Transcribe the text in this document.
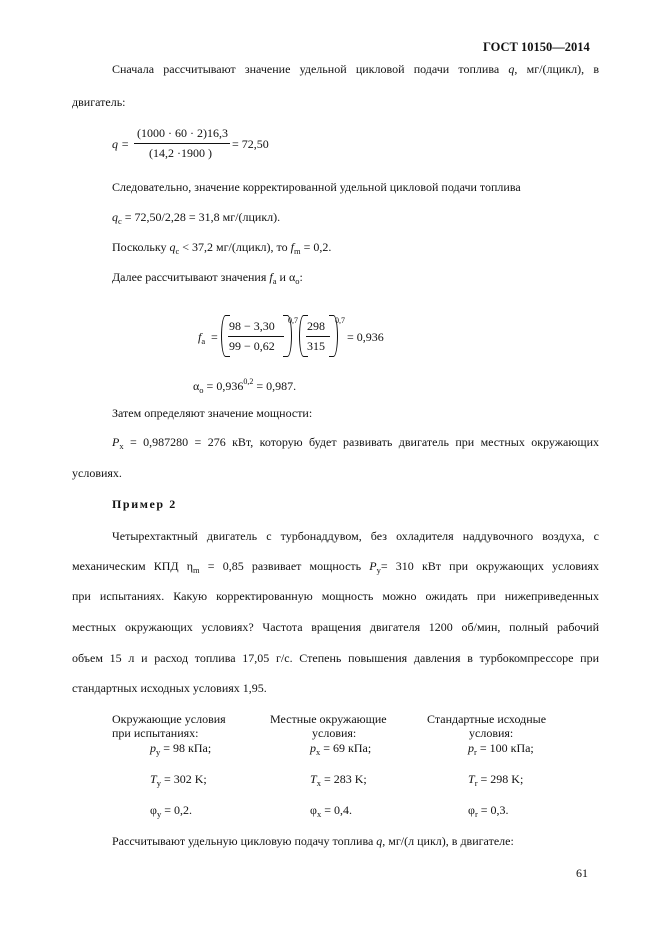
ГОСТ 10150—2014
Сначала рассчитывают значение удельной цикловой подачи топлива q, мг/(лцикл), в
двигатель:
q =
(1000 · 60 · 2)16,3
(14,2 ·1900 )
= 72,50
Следовательно, значение корректированной удельной цикловой подачи топлива
$q_c = 72,50/2,28 = 31,8$ мг/(лцикл).
Поскольку $q_c < 37,2$ мг/(лцикл), то $f_m = 0,2$.
Далее рассчитывают значения $f_a$ и $\alpha_o$:
$f_a$ =
98 − 3,30
99 − 0,62
0,7 298
315
0,7
= 0,936
$\alpha_o = 0,936^{0,2} = 0,987$.
Затем определяют значение мощности:
$P_x = 0,987280 = 276$ кВт, которую будет развивать двигатель при местных окружающих
условиях.
Пример 2
Четырехтактный двигатель с турбонаддувом, без охладителя наддувочного воздуха, с
механическим КПД $\eta_m = 0,85$ развивает мощность $P_y= 310$ кВт при окружающих условиях
при испытаниях. Какую корректированную мощность можно ожидать при нижеприведенных
местных окружающих условиях? Частота вращения двигателя 1200 об/мин, полный рабочий
объем 15 л и расход топлива 17,05 г/с. Степень повышения давления в турбокомпрессоре при
стандартных исходных условиях 1,95.
Окружающие условия
при испытаниях:
$p_y = 98$ кПа;
$T_y = 302$ K;
$\varphi_y = 0,2$.
Местные окружающие
условия:
$p_x = 69$ кПа;
$T_x = 283$ K;
$\varphi_x = 0,4$.
Стандартные исходные
условия:
$p_r = 100$ кПа;
$T_r = 298$ K;
$\varphi_r = 0,3$.
Рассчитывают удельную цикловую подачу топлива q, мг/(л цикл), в двигателе:
61
